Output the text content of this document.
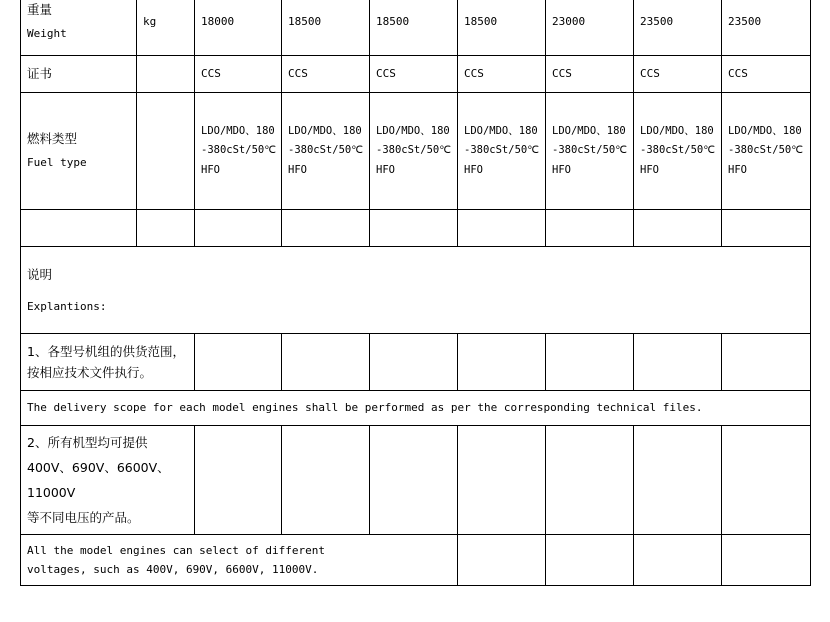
重量
Weight	kg	18000	18500	18500	18500	23000	23500	23500
证书		CCS	CCS	CCS	CCS	CCS	CCS	CCS

燃料类型
Fuel type		LDO/MDO、180
-380cSt/50℃
HFO	LDO/MDO、180
-380cSt/50℃
HFO	LDO/MDO、180
-380cSt/50℃
HFO	LDO/MDO、180
-380cSt/50℃
HFO	LDO/MDO、180
-380cSt/50℃
HFO	LDO/MDO、180
-380cSt/50℃
HFO	LDO/MDO、180
-380cSt/50℃
HFO

说明
Explantions:								

1、各型号机组的供货范围，
按相应技术文件执行。								

The delivery scope for each model engines shall be performed as per the corresponding technical files.								

2、所有机型均可提供
400V、690V、6600V、11000V
等不同电压的产品。								

All the model engines can select of different
voltages, such as 400V, 690V, 6600V, 11000V.								
